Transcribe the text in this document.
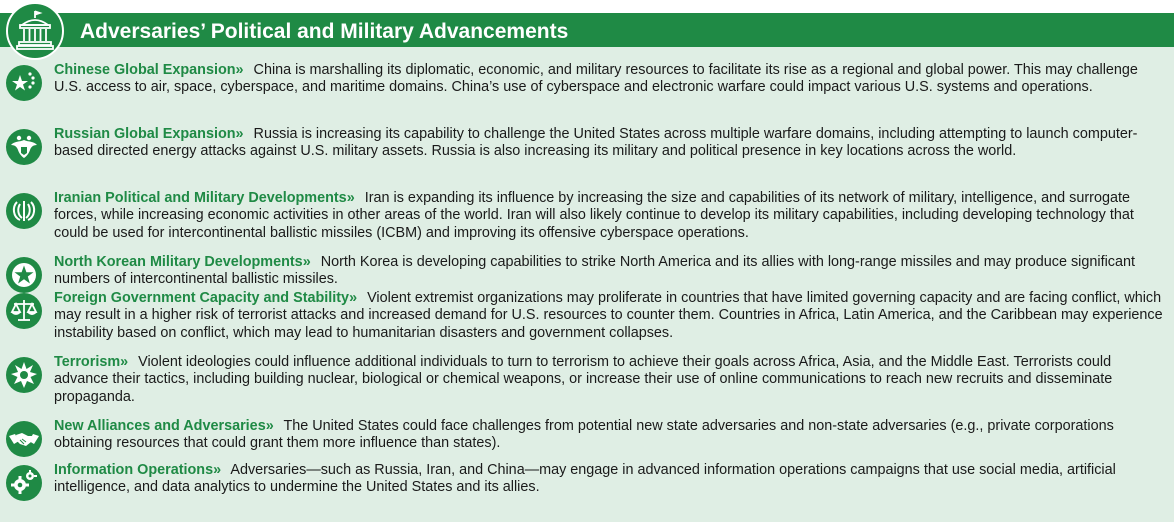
Adversaries’ Political and Military Advancements
Chinese Global Expansion» China is marshalling its diplomatic, economic, and military resources to facilitate its rise as a regional and global power. This may challenge U.S. access to air, space, cyberspace, and maritime domains. China’s use of cyberspace and electronic warfare could impact various U.S. systems and operations.
Russian Global Expansion» Russia is increasing its capability to challenge the United States across multiple warfare domains, including attempting to launch computer-based directed energy attacks against U.S. military assets. Russia is also increasing its military and political presence in key locations across the world.
Iranian Political and Military Developments» Iran is expanding its influence by increasing the size and capabilities of its network of military, intelligence, and surrogate forces, while increasing economic activities in other areas of the world. Iran will also likely continue to develop its military capabilities, including developing technology that could be used for intercontinental ballistic missiles (ICBM) and improving its offensive cyberspace operations.
North Korean Military Developments» North Korea is developing capabilities to strike North America and its allies with long-range missiles and may produce significant numbers of intercontinental ballistic missiles.
Foreign Government Capacity and Stability» Violent extremist organizations may proliferate in countries that have limited governing capacity and are facing conflict, which may result in a higher risk of terrorist attacks and increased demand for U.S. resources to counter them. Countries in Africa, Latin America, and the Caribbean may experience instability based on conflict, which may lead to humanitarian disasters and government collapses.
Terrorism» Violent ideologies could influence additional individuals to turn to terrorism to achieve their goals across Africa, Asia, and the Middle East. Terrorists could advance their tactics, including building nuclear, biological or chemical weapons, or increase their use of online communications to reach new recruits and disseminate propaganda.
New Alliances and Adversaries» The United States could face challenges from potential new state adversaries and non-state adversaries (e.g., private corporations obtaining resources that could grant them more influence than states).
Information Operations» Adversaries—such as Russia, Iran, and China—may engage in advanced information operations campaigns that use social media, artificial intelligence, and data analytics to undermine the United States and its allies.
